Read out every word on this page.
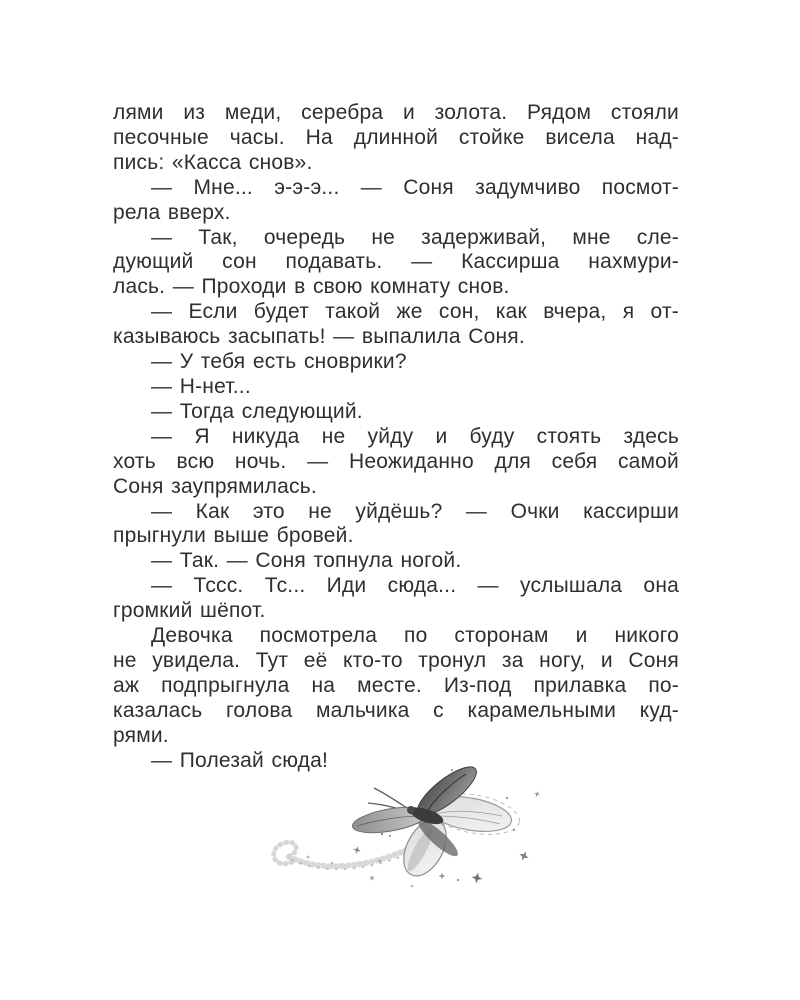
лями из меди, серебра и золота. Рядом стояли
песочные часы. На длинной стойке висела над-
пись: «Касса снов».
— Мне... э-э-э... — Соня задумчиво посмот-
рела вверх.
— Так, очередь не задерживай, мне сле-
дующий сон подавать. — Кассирша нахмури-
лась. — Проходи в свою комнату снов.
— Если будет такой же сон, как вчера, я от-
казываюсь засыпать! — выпалила Соня.
— У тебя есть сноврики?
— Н-нет...
— Тогда следующий.
— Я никуда не уйду и буду стоять здесь
хоть всю ночь. — Неожиданно для себя самой
Соня заупрямилась.
— Как это не уйдёшь? — Очки кассирши
прыгнули выше бровей.
— Так. — Соня топнула ногой.
— Тссс. Тс... Иди сюда... — услышала она
громкий шёпот.
Девочка посмотрела по сторонам и никого
не увидела. Тут её кто-то тронул за ногу, и Соня
аж подпрыгнула на месте. Из-под прилавка по-
казалась голова мальчика с карамельными куд-
рями.
— Полезай сюда!
